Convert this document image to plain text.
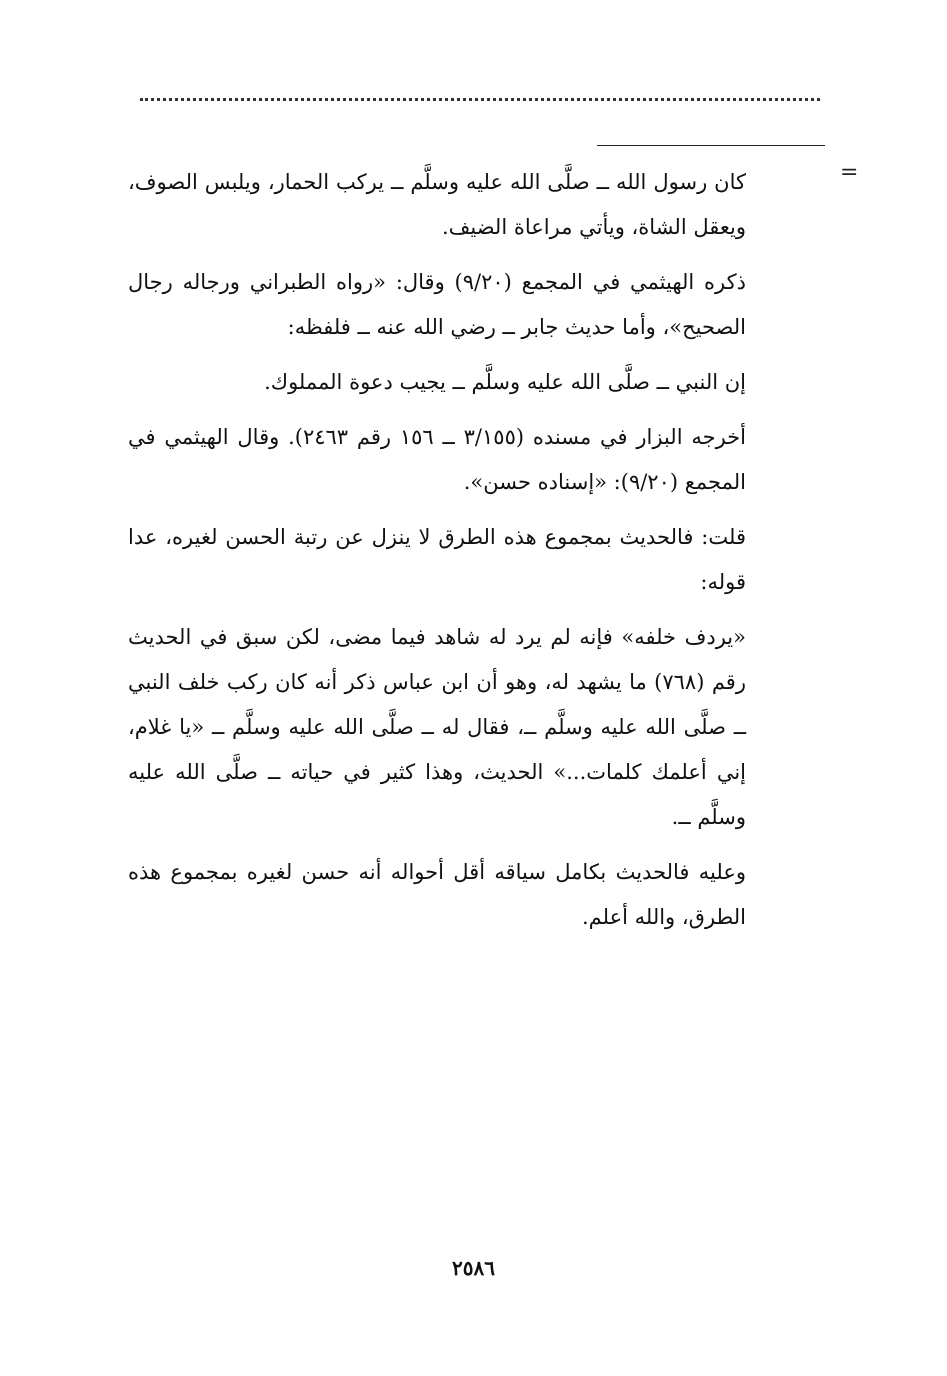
=

كان رسول الله ــ صلَّى الله عليه وسلَّم ــ يركب الحمار، ويلبس الصوف، ويعقل الشاة، ويأتي مراعاة الضيف.

ذكره الهيثمي في المجمع (٩/٢٠) وقال: «رواه الطبراني ورجاله رجال الصحيح»، وأما حديث جابر ــ رضي الله عنه ــ فلفظه:

إن النبي ــ صلَّى الله عليه وسلَّم ــ يجيب دعوة المملوك.

أخرجه البزار في مسنده (٣/١٥٥ ــ ١٥٦ رقم ٢٤٦٣). وقال الهيثمي في المجمع (٩/٢٠): «إسناده حسن».

قلت: فالحديث بمجموع هذه الطرق لا ينزل عن رتبة الحسن لغيره، عدا قوله:

«يردف خلفه» فإنه لم يرد له شاهد فيما مضى، لكن سبق في الحديث رقم (٧٦٨) ما يشهد له، وهو أن ابن عباس ذكر أنه كان ركب خلف النبي ــ صلَّى الله عليه وسلَّم ــ، فقال له ــ صلَّى الله عليه وسلَّم ــ «يا غلام، إني أعلمك كلمات...» الحديث، وهذا كثير في حياته ــ صلَّى الله عليه وسلَّم ــ.

وعليه فالحديث بكامل سياقه أقل أحواله أنه حسن لغيره بمجموع هذه الطرق، والله أعلم.

٢٥٨٦
